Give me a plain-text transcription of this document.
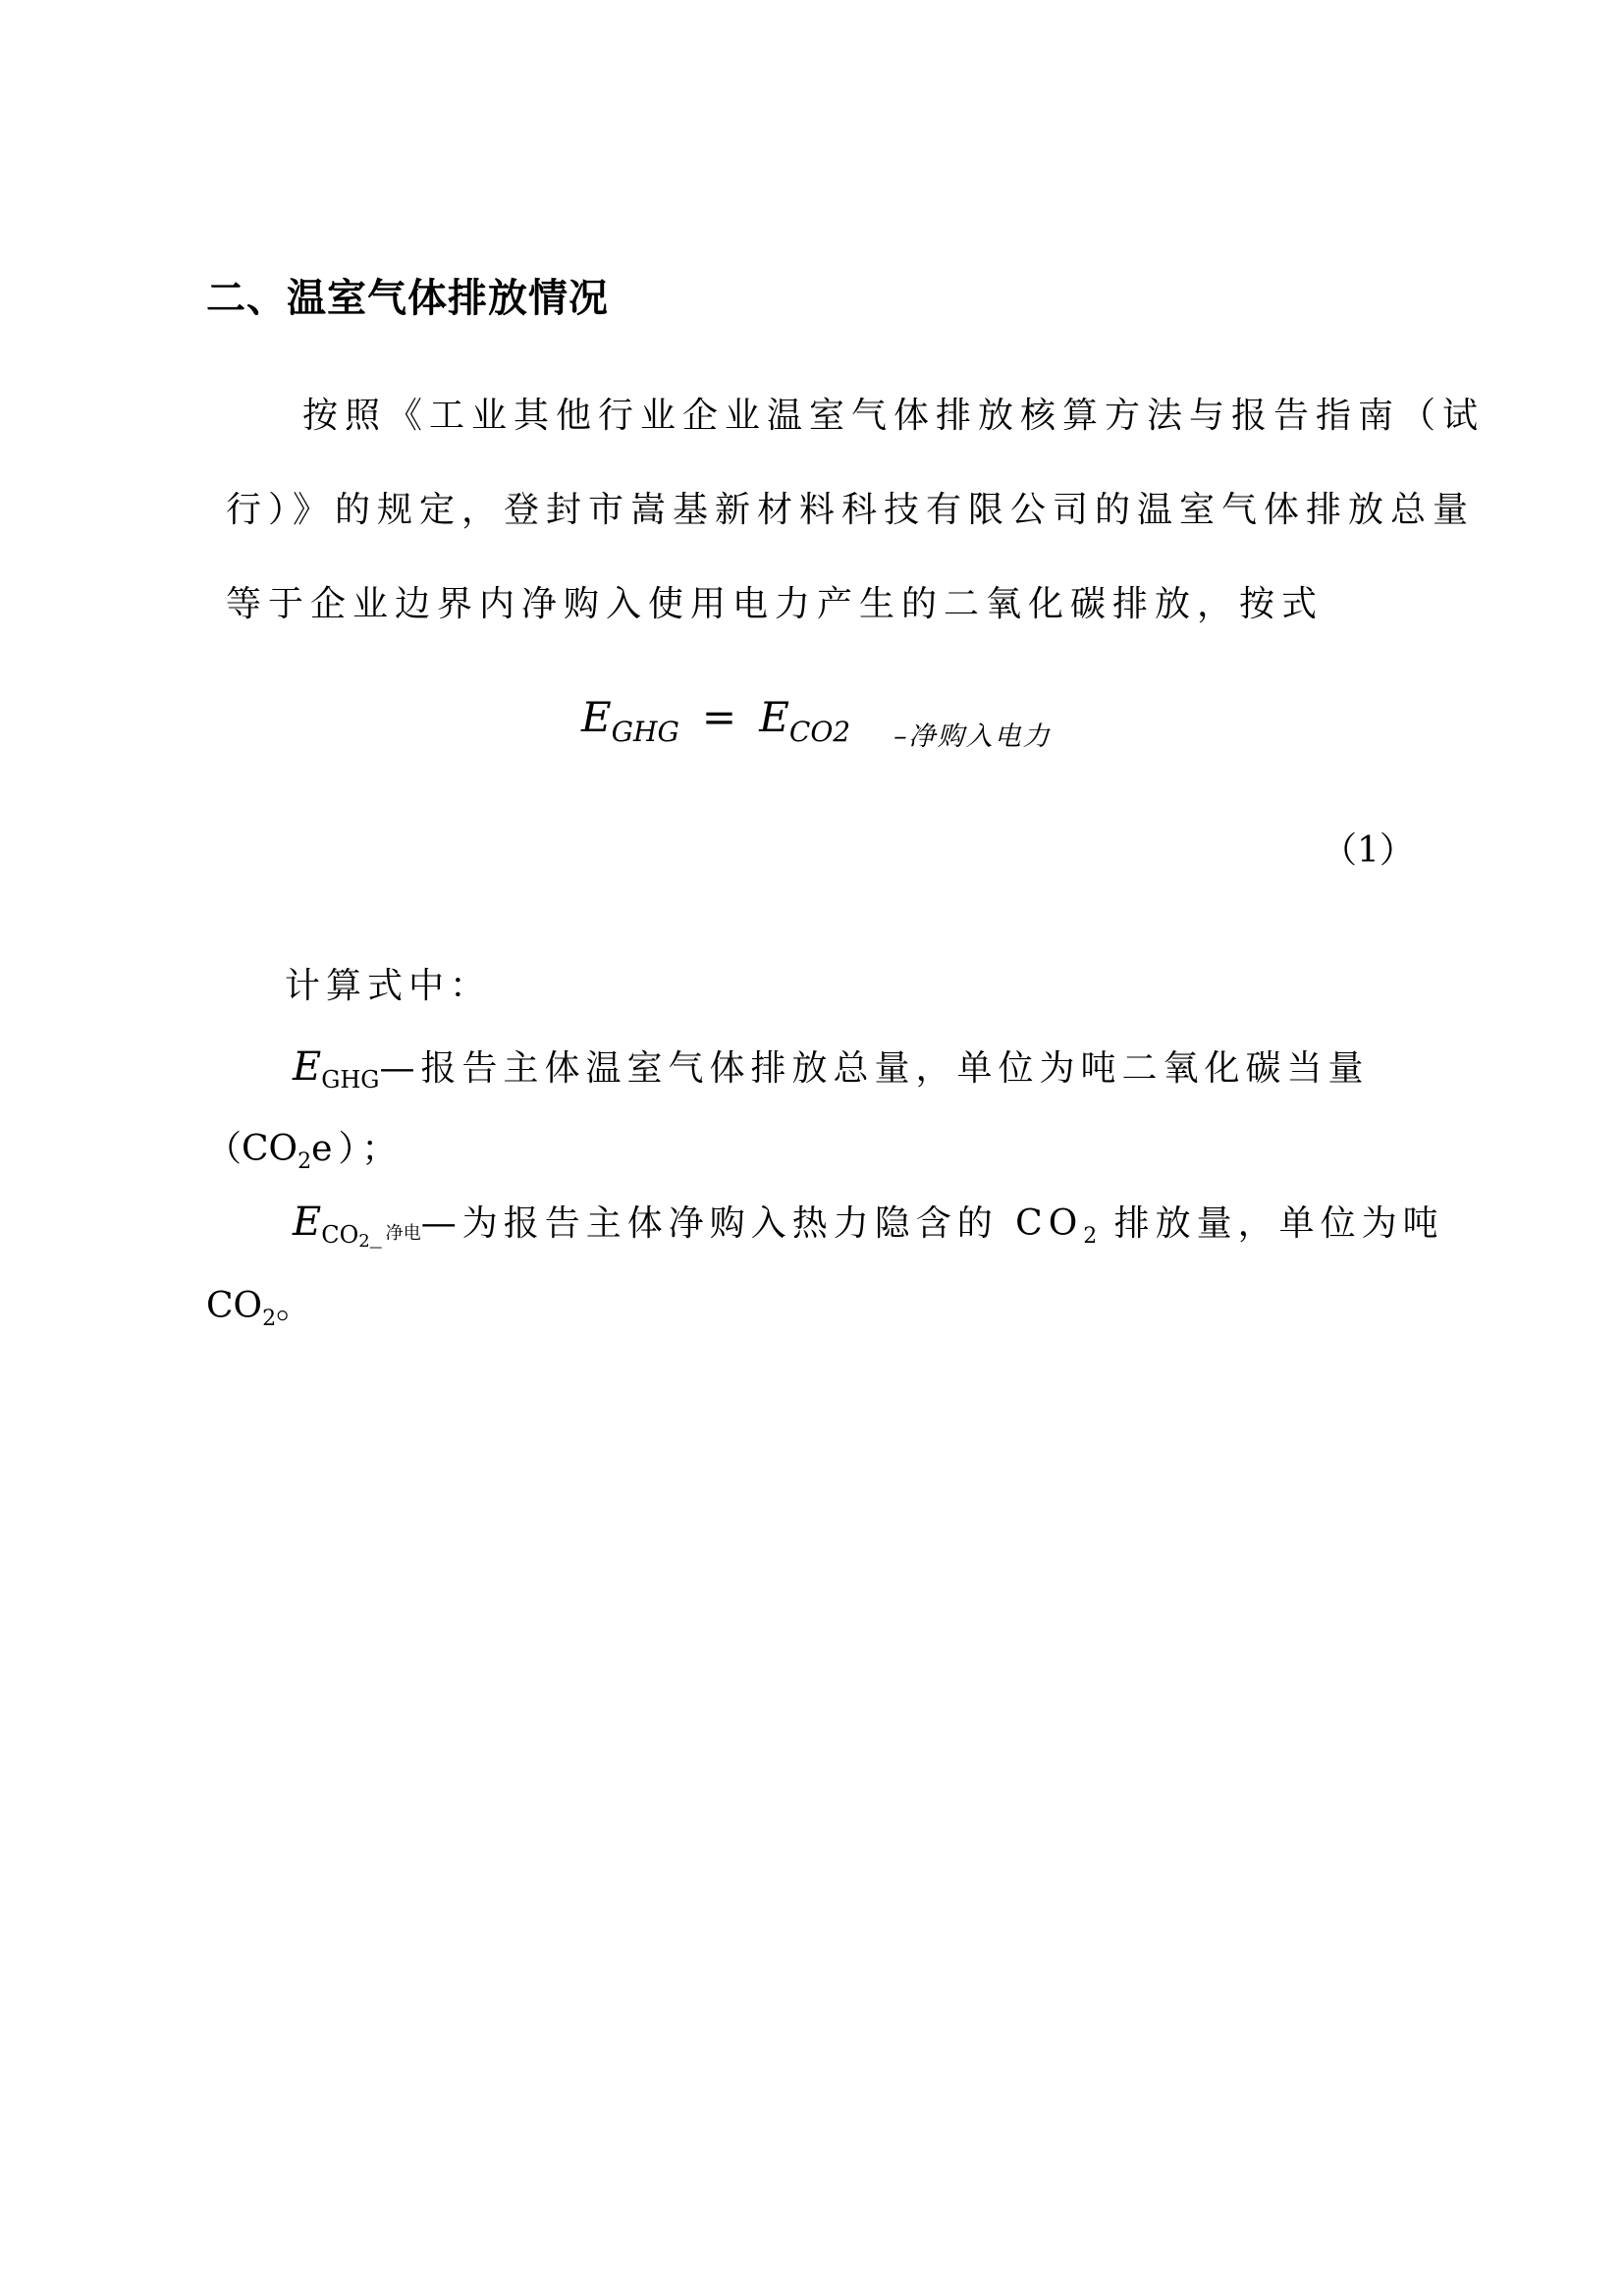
二、温室气体排放情况
按照《工业其他行业企业温室气体排放核算方法与报告指南（试
行）》的规定，登封市嵩基新材料科技有限公司的温室气体排放总量
等于企业边界内净购入使用电力产生的二氧化碳排放，按式
EGHG = ECO2 –净购入电力
（1）
计算式中：
$E_{GHG}—$报告主体温室气体排放总量，单位为吨二氧化碳当量
$(CO_2e)$；
$E_{CO2\_}$ 净电—为报告主体净购入热力隐含的 $CO_2$ 排放量，单位为吨
$CO_2$。
